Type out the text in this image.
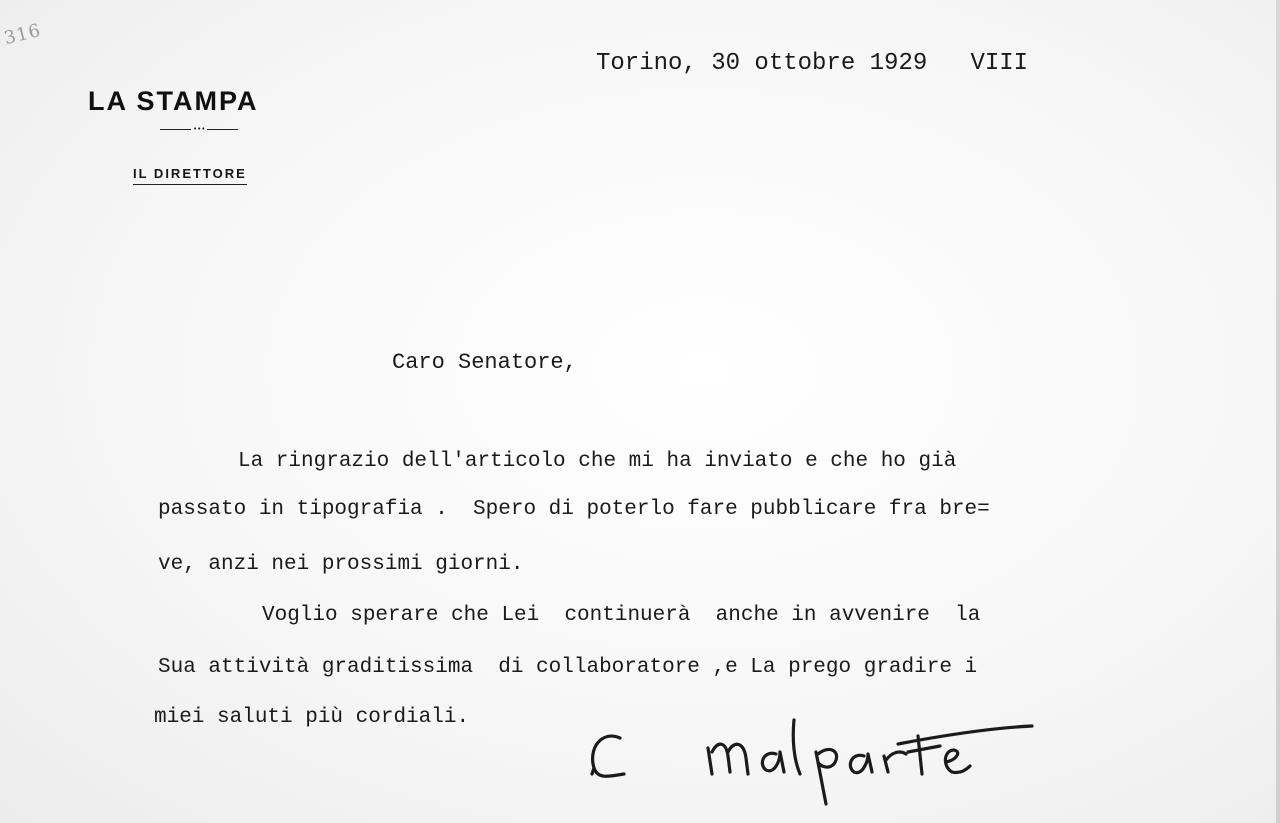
316
LA STAMPA
•••
IL DIRETTORE
Torino, 30 ottobre 1929   VIII
Caro Senatore,
La ringrazio dell'articolo che mi ha inviato e che ho già
passato in tipografia .  Spero di poterlo fare pubblicare fra bre=
ve, anzi nei prossimi giorni.
Voglio sperare che Lei  continuerà  anche in avvenire  la
Sua attività graditissima  di collaboratore ,e La prego gradire i
miei saluti più cordiali.
